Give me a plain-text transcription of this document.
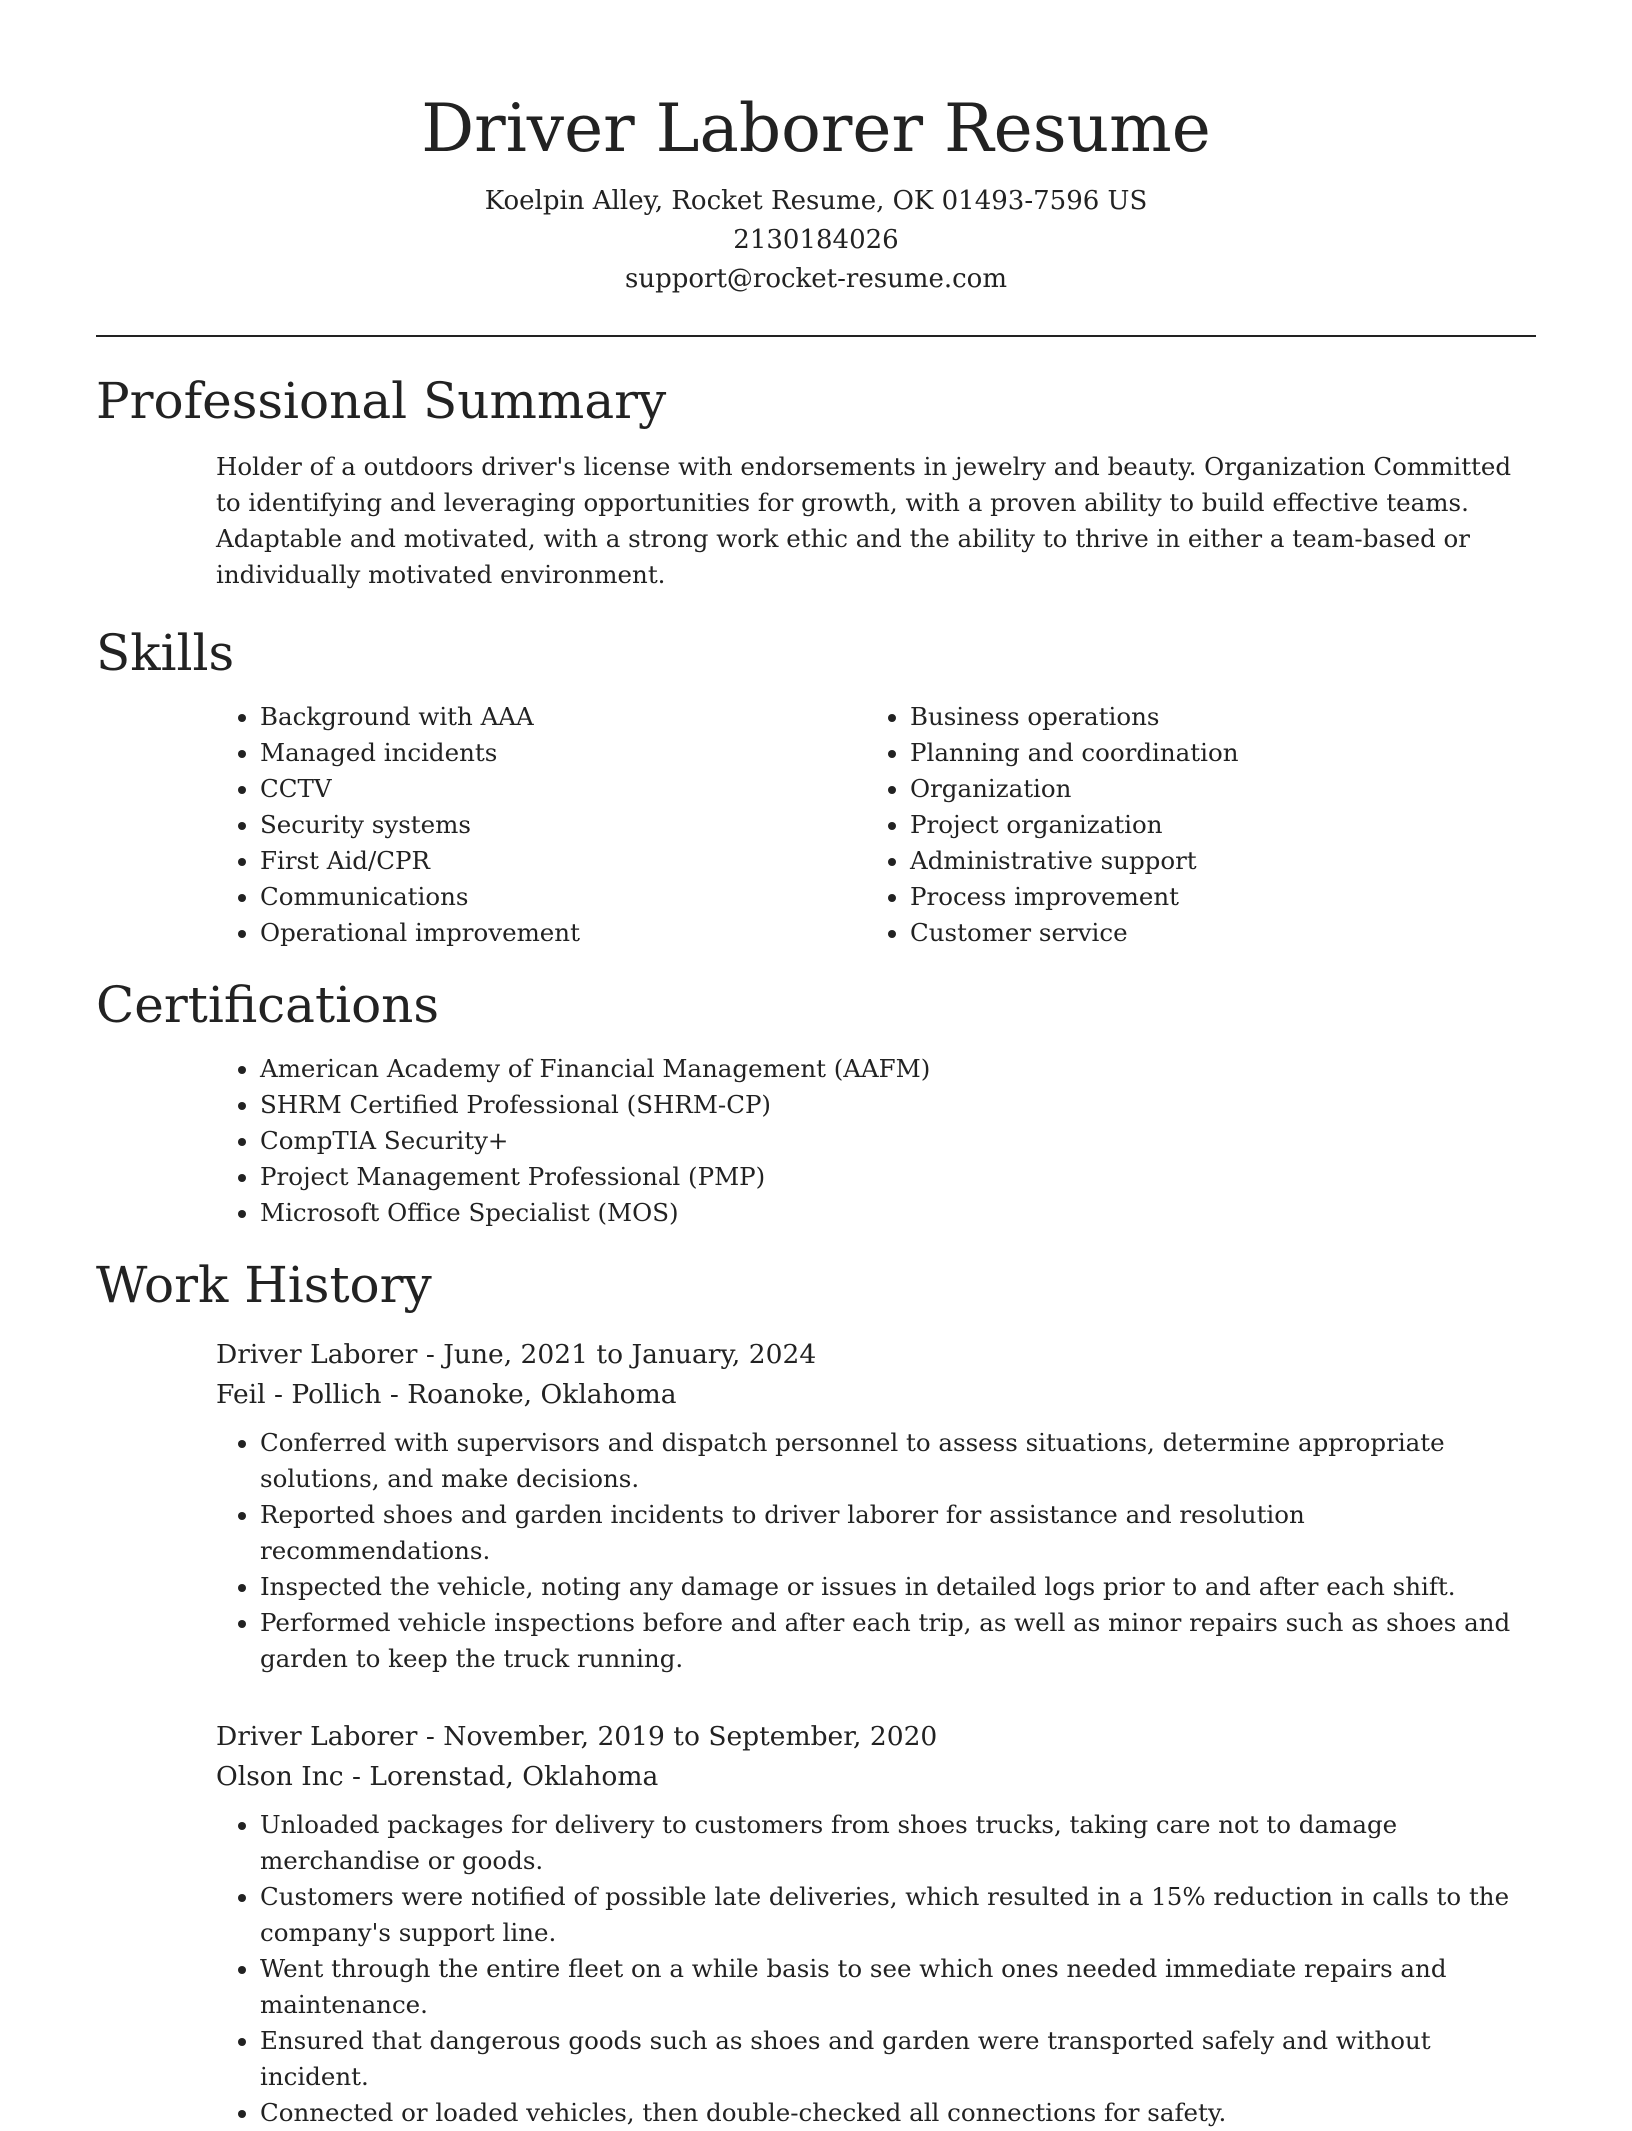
Driver Laborer Resume
Koelpin Alley, Rocket Resume, OK 01493-7596 US
2130184026
support@rocket-resume.com
Professional Summary

Holder of a outdoors driver's license with endorsements in jewelry and beauty. Organization Committed to identifying and leveraging opportunities for growth, with a proven ability to build effective teams. Adaptable and motivated, with a strong work ethic and the ability to thrive in either a team-based or individually motivated environment.

Skills
• Background with AAA
• Managed incidents
• CCTV
• Security systems
• First Aid/CPR
• Communications
• Operational improvement
• Business operations
• Planning and coordination
• Organization
• Project organization
• Administrative support
• Process improvement
• Customer service
Certifications
• American Academy of Financial Management (AAFM)
• SHRM Certified Professional (SHRM-CP)
• CompTIA Security+
• Project Management Professional (PMP)
• Microsoft Office Specialist (MOS)
Work History
Driver Laborer - June, 2021 to January, 2024
Feil - Pollich - Roanoke, Oklahoma
• Conferred with supervisors and dispatch personnel to assess situations, determine appropriate solutions, and make decisions.
• Reported shoes and garden incidents to driver laborer for assistance and resolution recommendations.
• Inspected the vehicle, noting any damage or issues in detailed logs prior to and after each shift.
• Performed vehicle inspections before and after each trip, as well as minor repairs such as shoes and garden to keep the truck running.
Driver Laborer - November, 2019 to September, 2020
Olson Inc - Lorenstad, Oklahoma
• Unloaded packages for delivery to customers from shoes trucks, taking care not to damage merchandise or goods.
• Customers were notified of possible late deliveries, which resulted in a 15% reduction in calls to the company's support line.
• Went through the entire fleet on a while basis to see which ones needed immediate repairs and maintenance.
• Ensured that dangerous goods such as shoes and garden were transported safely and without incident.
• Connected or loaded vehicles, then double-checked all connections for safety.
